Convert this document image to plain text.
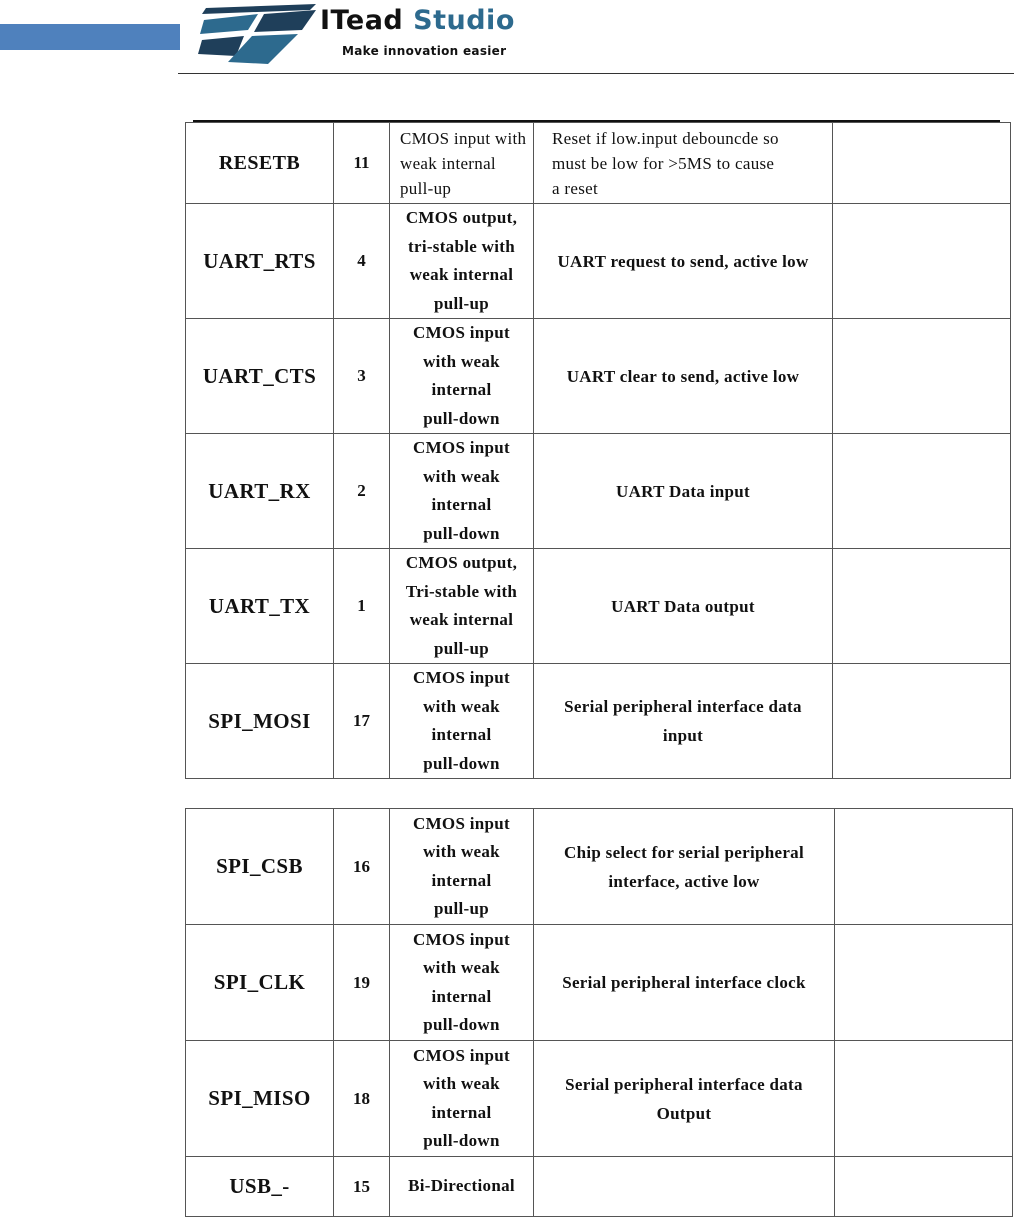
ITead Studio
Make innovation easier
RESETB	11	CMOS input with
weak internal
pull-up	Reset if low.input debouncde so
must be low for >5MS to cause
a reset	
UART_RTS	4	CMOS output,
tri-stable with
weak internal
pull-up	UART request to send, active low	
UART_CTS	3	CMOS input
with weak
internal
pull-down	UART clear to send, active low	
UART_RX	2	CMOS input
with weak
internal
pull-down	UART Data input	
UART_TX	1	CMOS output,
Tri-stable with
weak internal
pull-up	UART Data output	
SPI_MOSI	17	CMOS input
with weak
internal
pull-down	Serial peripheral interface data
input	
SPI_CSB	16	CMOS input
with weak
internal
pull-up	Chip select for serial peripheral
interface, active low	
SPI_CLK	19	CMOS input
with weak
internal
pull-down	Serial peripheral interface clock	
SPI_MISO	18	CMOS input
with weak
internal
pull-down	Serial peripheral interface data
Output	
USB_-	15	Bi-Directional		
